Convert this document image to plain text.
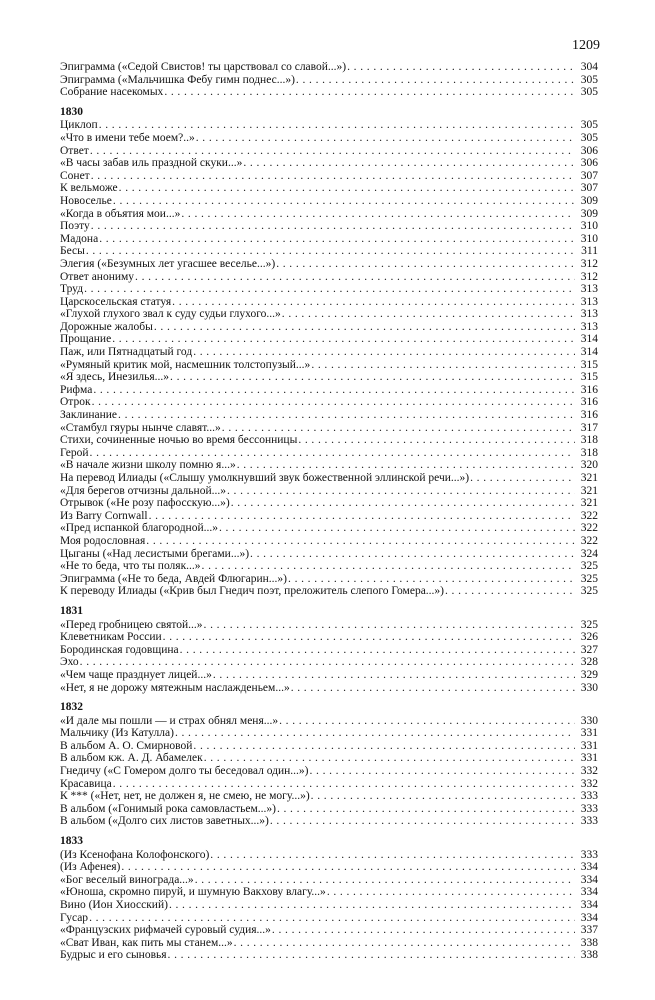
1209
Эпиграмма («Седой Свистов! ты царствовал со славой...») . . .	304
Эпиграмма («Мальчишка Фебу гимн поднес...») . . .	305
Собрание насекомых . . .	305
1830
Циклоп . . .	305
«Что в имени тебе моем?..» . . .	305
Ответ . . .	306
«В часы забав иль праздной скуки...» . . .	306
Сонет . . .	307
К вельможе . . .	307
Новоселье . . .	309
«Когда в объятия мои...» . . .	309
Поэту . . .	310
Мадона . . .	310
Бесы . . .	311
Элегия («Безумных лет угасшее веселье...») . . .	312
Ответ анониму . . .	312
Труд . . .	313
Царскосельская статуя . . .	313
«Глухой глухого звал к суду судьи глухого...» . . .	313
Дорожные жалобы . . .	313
Прощание . . .	314
Паж, или Пятнадцатый год . . .	314
«Румяный критик мой, насмешник толстопузый...» . . .	315
«Я здесь, Инезилья...» . . .	315
Рифма . . .	316
Отрок . . .	316
Заклинание . . .	316
«Стамбул гяуры нынче славят...» . . .	317
Стихи, сочиненные ночью во время бессонницы . . .	318
Герой . . .	318
«В начале жизни школу помню я...» . . .	320
На перевод Илиады («Слышу умолкнувший звук божественной эллинской речи...») . . .	321
«Для берегов отчизны дальной...» . . .	321
Отрывок («Не розу пафосскую...») . . .	321
Из Barry Cornwall . . .	322
«Пред испанкой благородной...» . . .	322
Моя родословная . . .	322
Цыганы («Над лесистыми брегами...») . . .	324
«Не то беда, что ты поляк...» . . .	325
Эпиграмма («Не то беда, Авдей Флюгарин...») . . .	325
К переводу Илиады («Крив был Гнедич поэт, преложитель слепого Гомера...») . . .	325
1831
«Перед гробницею святой...» . . .	325
Клеветникам России . . .	326
Бородинская годовщина . . .	327
Эхо . . .	328
«Чем чаще празднует лицей...» . . .	329
«Нет, я не дорожу мятежным наслажденьем...» . . .	330
1832
«И дале мы пошли — и страх обнял меня...» . . .	330
Мальчику (Из Катулла) . . .	331
В альбом А. О. Смирновой . . .	331
В альбом кж. А. Д. Абамелек . . .	331
Гнедичу («С Гомером долго ты беседовал один...») . . .	332
Красавица . . .	332
К *** («Нет, нет, не должен я, не смею, не могу...») . . .	333
В альбом («Гонимый рока самовластьем...») . . .	333
В альбом («Долго сих листов заветных...») . . .	333
1833
(Из Ксенофана Колофонского) . . .	333
(Из Афенея) . . .	334
«Бог веселый винограда...» . . .	334
«Юноша, скромно пируй, и шумную Вакхову влагу...» . . .	334
Вино (Ион Хиосский) . . .	334
Гусар . . .	334
«Французских рифмачей суровый судия...» . . .	337
«Сват Иван, как пить мы станем...» . . .	338
Будрыс и его сыновья . . .	338
